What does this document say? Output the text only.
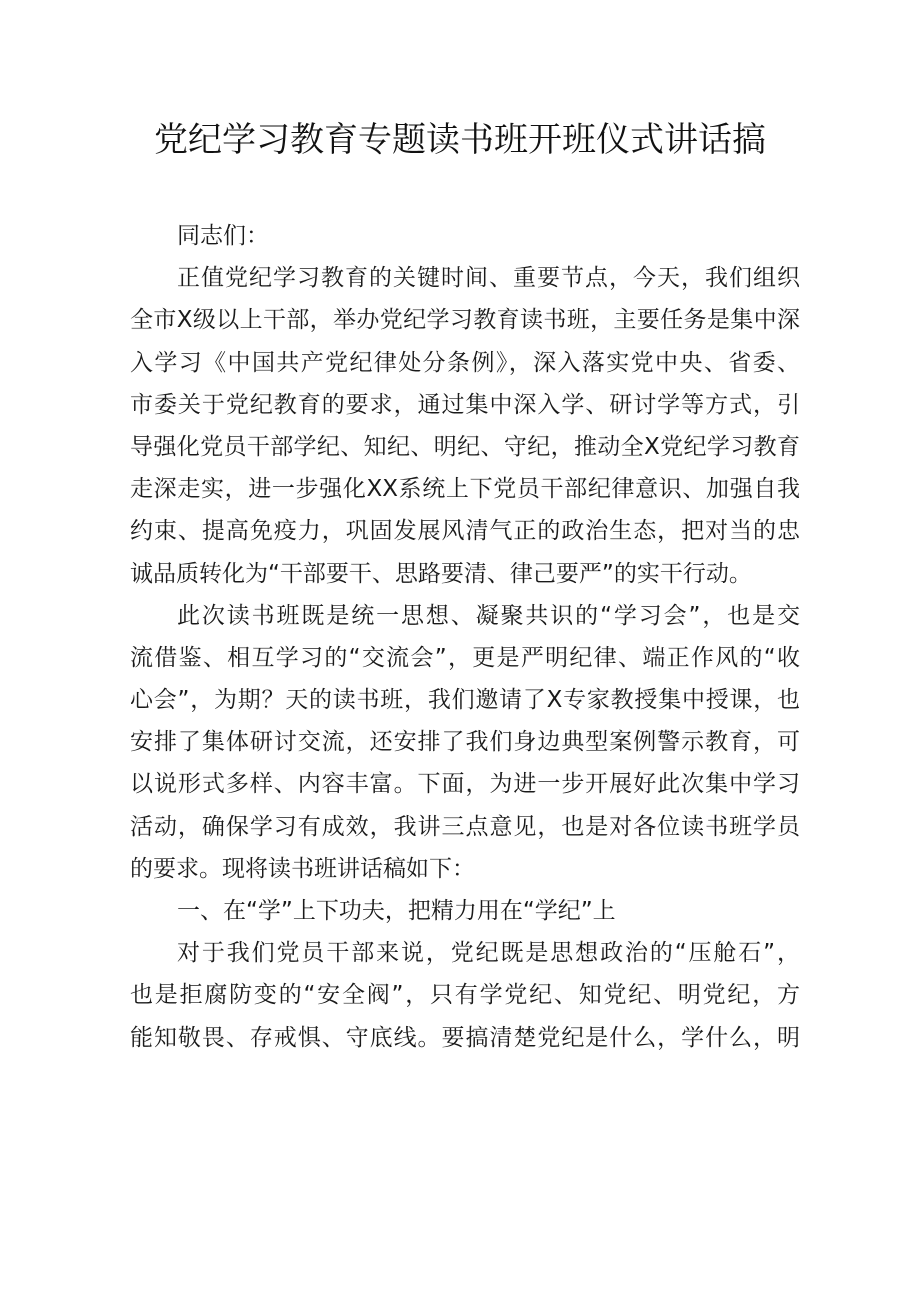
党纪学习教育专题读书班开班仪式讲话搞
同志们：
正值党纪学习教育的关键时间、重要节点，今天，我们组织
全市X级以上干部，举办党纪学习教育读书班，主要任务是集中深
入学习《中国共产党纪律处分条例》，深入落实党中央、省委、
市委关于党纪教育的要求，通过集中深入学、研讨学等方式，引
导强化党员干部学纪、知纪、明纪、守纪，推动全X党纪学习教育
走深走实，进一步强化XX系统上下党员干部纪律意识、加强自我
约束、提高免疫力，巩固发展风清气正的政治生态，把对当的忠
诚品质转化为“干部要干、思路要清、律己要严”的实干行动。
此次读书班既是统一思想、凝聚共识的“学习会”，也是交
流借鉴、相互学习的“交流会”，更是严明纪律、端正作风的“收
心会”，为期？天的读书班，我们邀请了X专家教授集中授课，也
安排了集体研讨交流，还安排了我们身边典型案例警示教育，可
以说形式多样、内容丰富。下面，为进一步开展好此次集中学习
活动，确保学习有成效，我讲三点意见，也是对各位读书班学员
的要求。现将读书班讲话稿如下：
一、在“学”上下功夫，把精力用在“学纪”上
对于我们党员干部来说，党纪既是思想政治的“压舱石”，
也是拒腐防变的“安全阀”，只有学党纪、知党纪、明党纪，方
能知敬畏、存戒惧、守底线。要搞清楚党纪是什么，学什么，明
